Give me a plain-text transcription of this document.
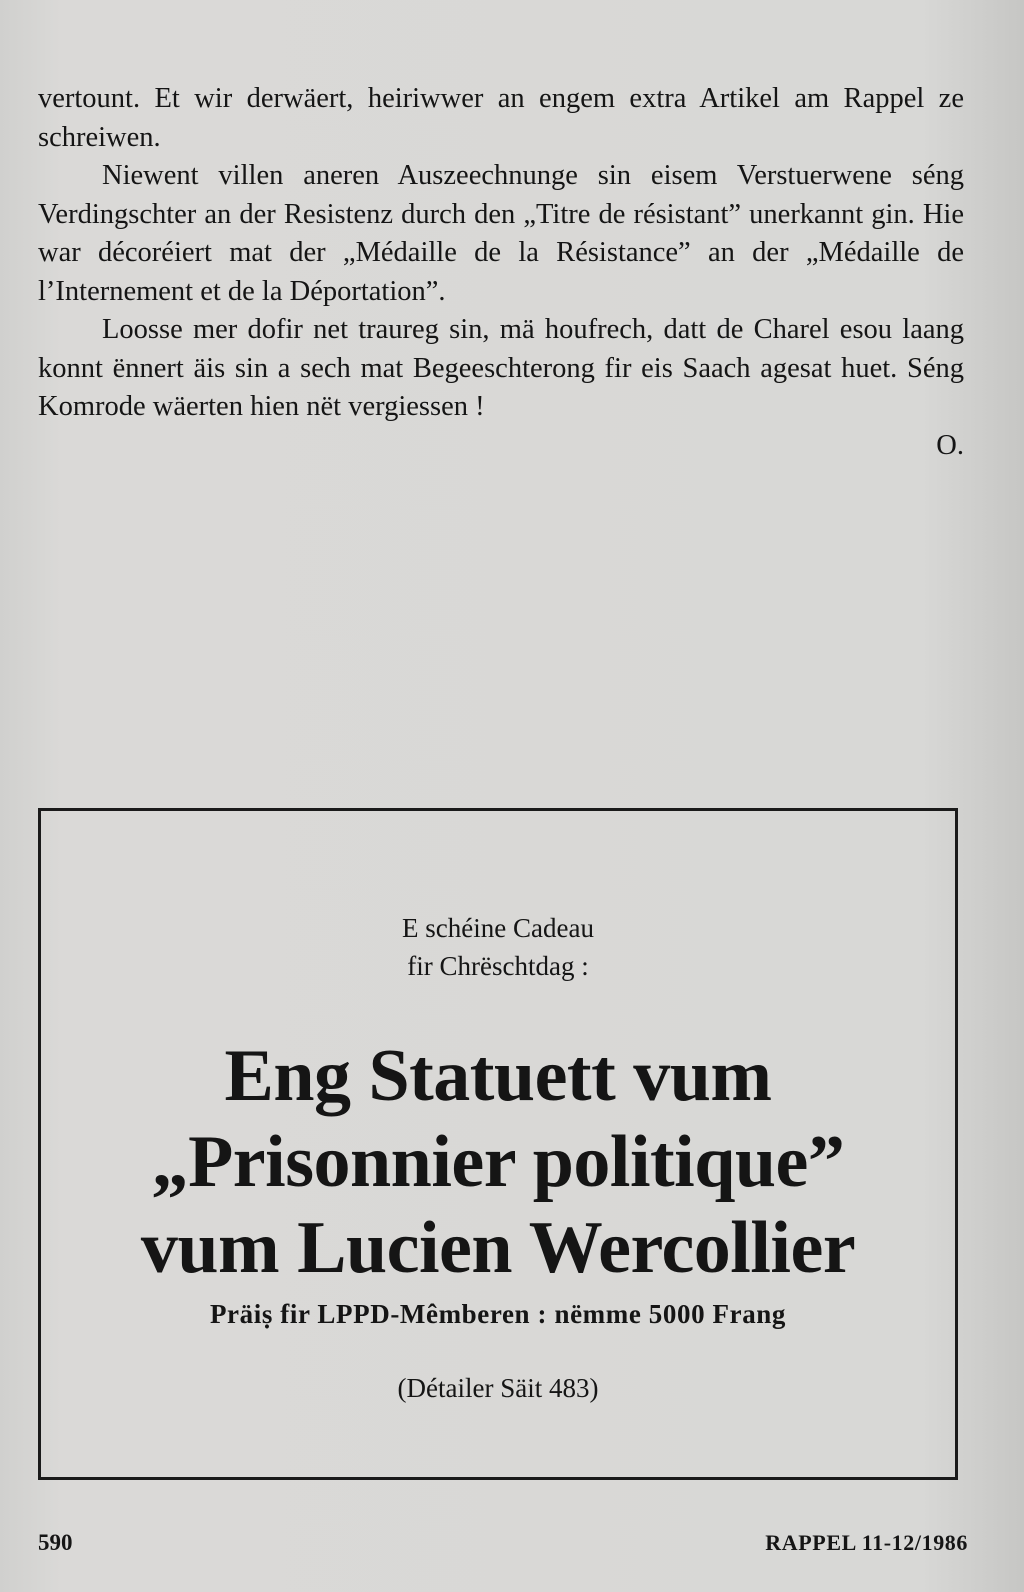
vertount. Et wir derwäert, heiriwwer an engem extra Artikel am Rappel ze schreiwen.

Niewent villen aneren Auszeechnunge sin eisem Verstuerwene séng Verdingschter an der Resistenz durch den „Titre de résistant” unerkannt gin. Hie war décoréiert mat der „Médaille de la Résistance” an der „Médaille de l’Internement et de la Déportation”.

Loosse mer dofir net traureg sin, mä houfrech, datt de Charel esou laang konnt ënnert äis sin a sech mat Begeeschterong fir eis Saach agesat huet. Séng Komrode wäerten hien nët vergiessen !

O.

E schéine Cadeau
fir Chrëschtdag :
Eng Statuett vum
„Prisonnier politique”
vum Lucien Wercollier
Präiṣ fir LPPD-Mêmberen : nëmme 5000 Frang
(Détailer Säit 483)
590	RAPPEL 11-12/1986
